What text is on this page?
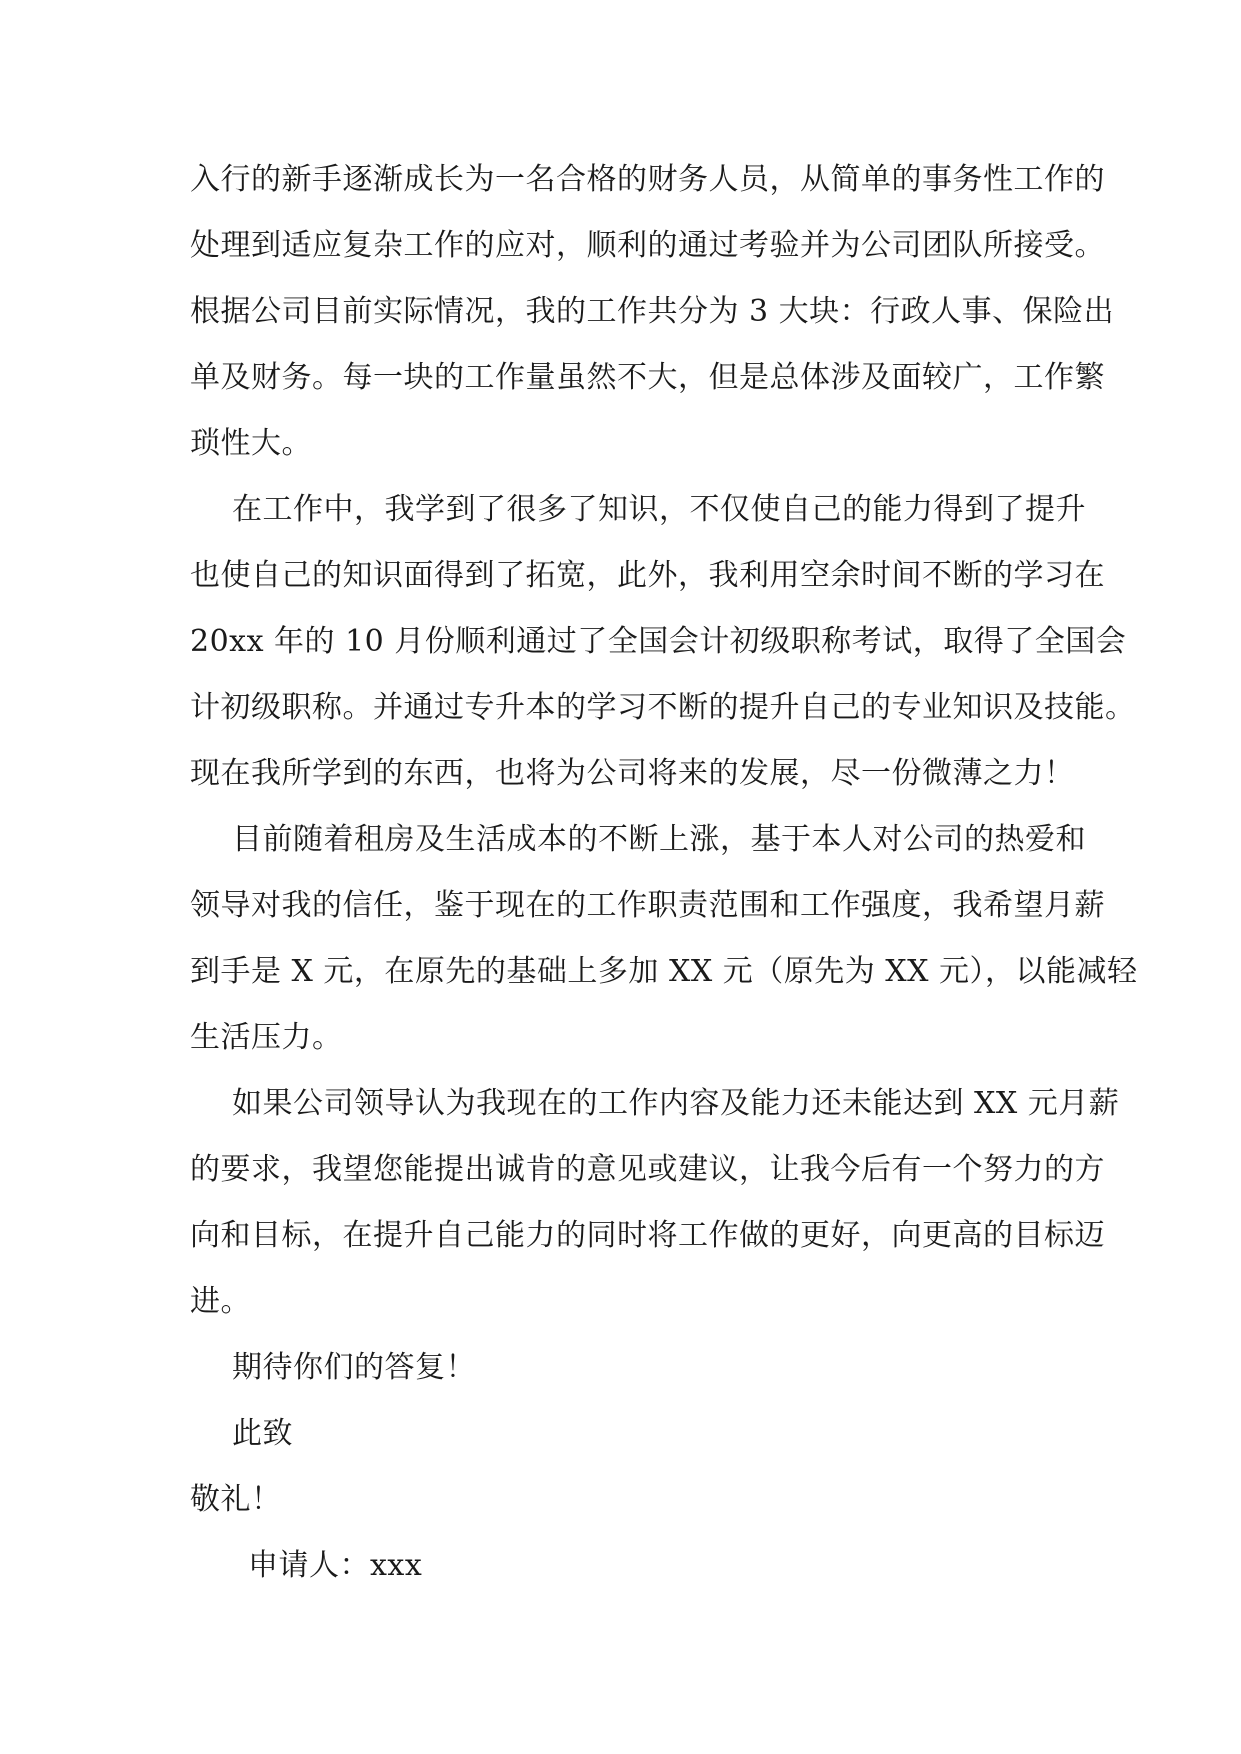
入行的新手逐渐成长为一名合格的财务人员，从简单的事务性工作的
处理到适应复杂工作的应对，顺利的通过考验并为公司团队所接受。
根据公司目前实际情况，我的工作共分为 3 大块：行政人事、保险出
单及财务。每一块的工作量虽然不大，但是总体涉及面较广，工作繁
琐性大。
在工作中，我学到了很多了知识，不仅使自己的能力得到了提升
也使自己的知识面得到了拓宽，此外，我利用空余时间不断的学习在
20xx 年的 10 月份顺利通过了全国会计初级职称考试，取得了全国会
计初级职称。并通过专升本的学习不断的提升自己的专业知识及技能。
现在我所学到的东西，也将为公司将来的发展，尽一份微薄之力！
目前随着租房及生活成本的不断上涨，基于本人对公司的热爱和
领导对我的信任，鉴于现在的工作职责范围和工作强度，我希望月薪
到手是 X 元，在原先的基础上多加 XX 元（原先为 XX 元），以能减轻
生活压力。
如果公司领导认为我现在的工作内容及能力还未能达到 XX 元月薪
的要求，我望您能提出诚肯的意见或建议，让我今后有一个努力的方
向和目标，在提升自己能力的同时将工作做的更好，向更高的目标迈
进。
期待你们的答复！
此致
敬礼！
申请人：xxx
